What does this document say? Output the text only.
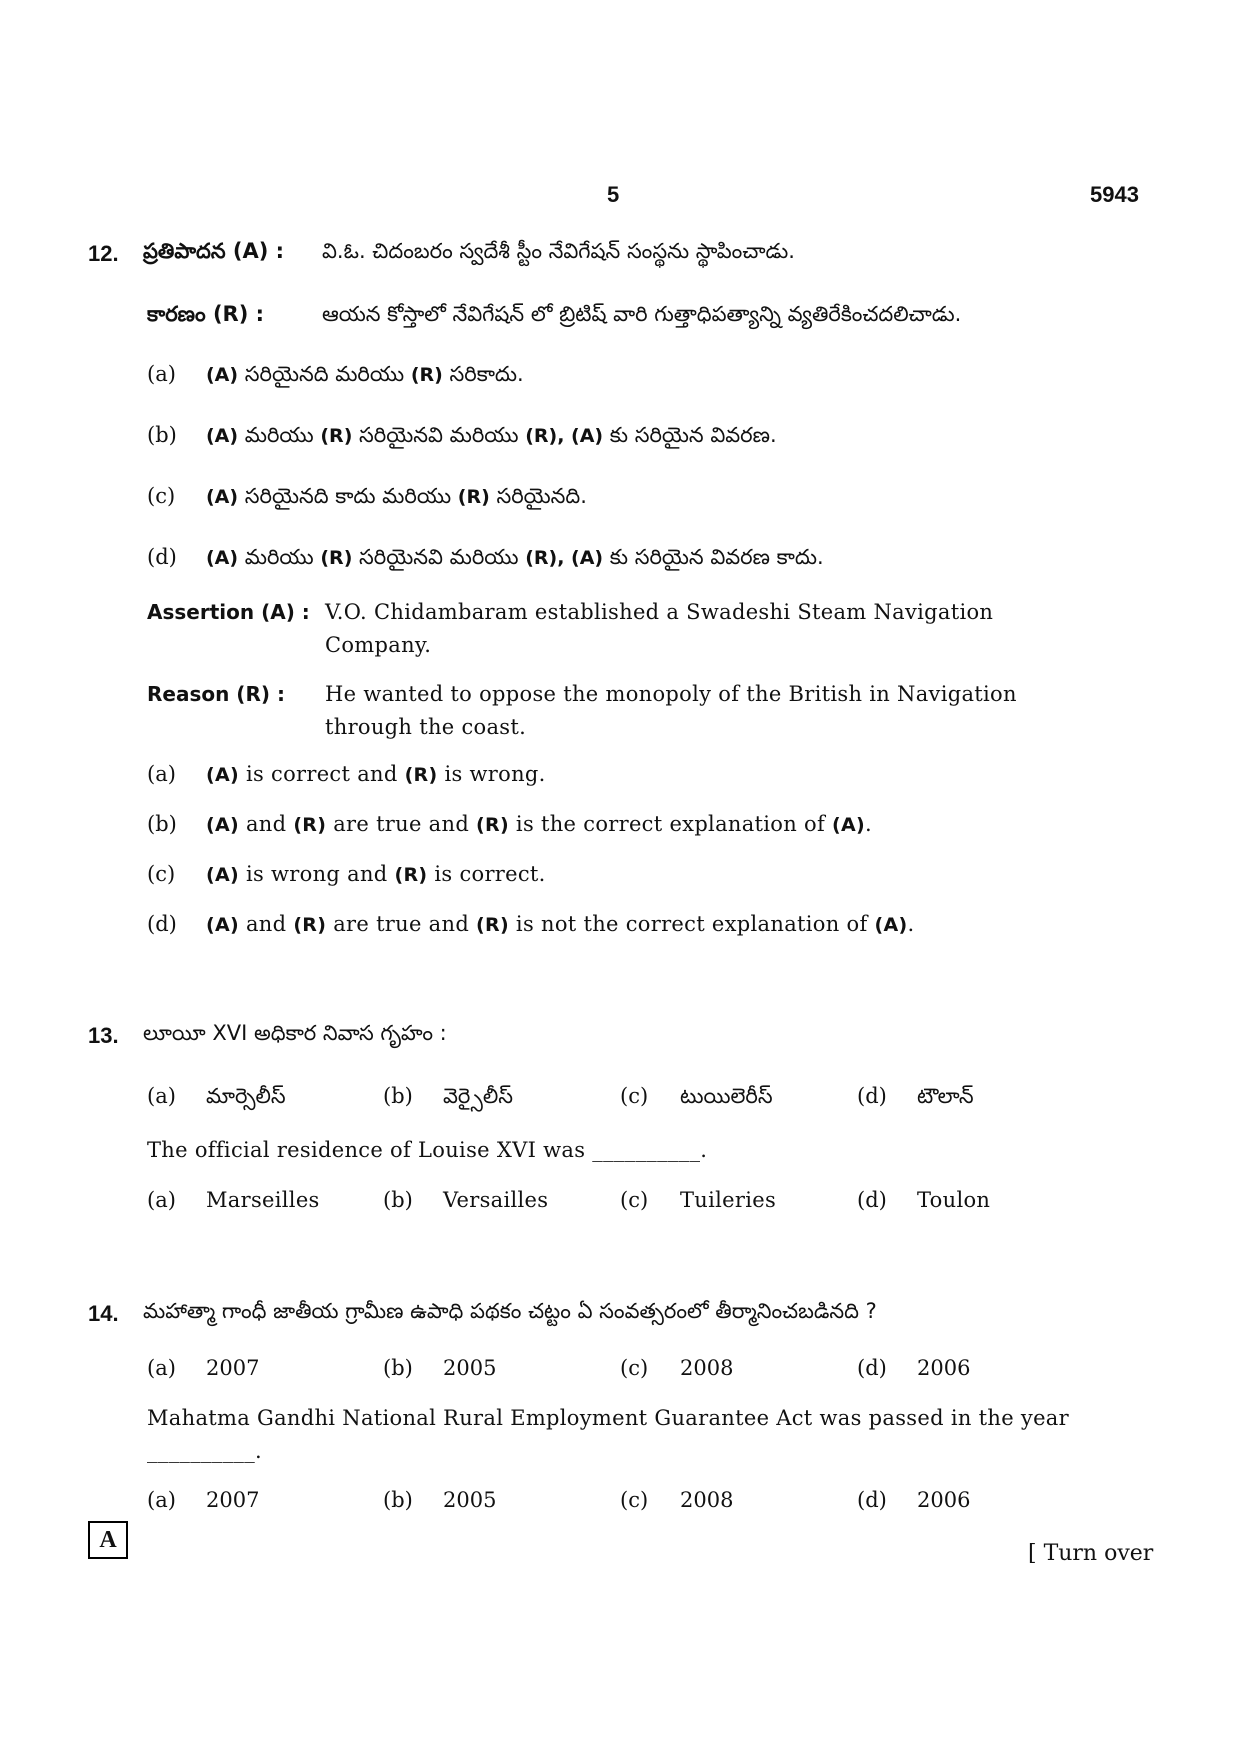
5	5943
12. ప్రతిపాదన (A) : వి.ఓ. చిదంబరం స్వదేశీ స్టీం నేవిగేషన్ సంస్థను స్థాపించాడు.
కారణం (R) :	ఆయన కోస్తాలో నేవిగేషన్ లో బ్రిటిష్ వారి గుత్తాధిపత్యాన్ని వ్యతిరేకించదలిచాడు.
(a) (A) సరియైనది మరియు (R) సరికాదు.
(b) (A) మరియు (R) సరియైనవి మరియు (R), (A) కు సరియైన వివరణ.
(c) (A) సరియైనది కాదు మరియు (R) సరియైనది.
(d) (A) మరియు (R) సరియైనవి మరియు (R), (A) కు సరియైన వివరణ కాదు.
Assertion (A) : V.O. Chidambaram established a Swadeshi Steam Navigation Company.
Reason (R) : He wanted to oppose the monopoly of the British in Navigation through the coast.
(a) (A) is correct and (R) is wrong.
(b) (A) and (R) are true and (R) is the correct explanation of (A).
(c) (A) is wrong and (R) is correct.
(d) (A) and (R) are true and (R) is not the correct explanation of (A).
13. లూయీ XVI అధికార నివాస గృహం :
(a) మార్సెలీస్	(b) వెర్సైలీస్	(c) టుయిలెరీస్	(d) టౌలాన్
The official residence of Louise XVI was __________.
(a) Marseilles	(b) Versailles	(c) Tuileries	(d) Toulon
14. మహాత్మా గాంధీ జాతీయ గ్రామీణ ఉపాధి పథకం చట్టం ఏ సంవత్సరంలో తీర్మానించబడినది ?
(a) 2007	(b) 2005	(c) 2008	(d) 2006
Mahatma Gandhi National Rural Employment Guarantee Act was passed in the year __________.
(a) 2007	(b) 2005	(c) 2008	(d) 2006
A
[ Turn over
